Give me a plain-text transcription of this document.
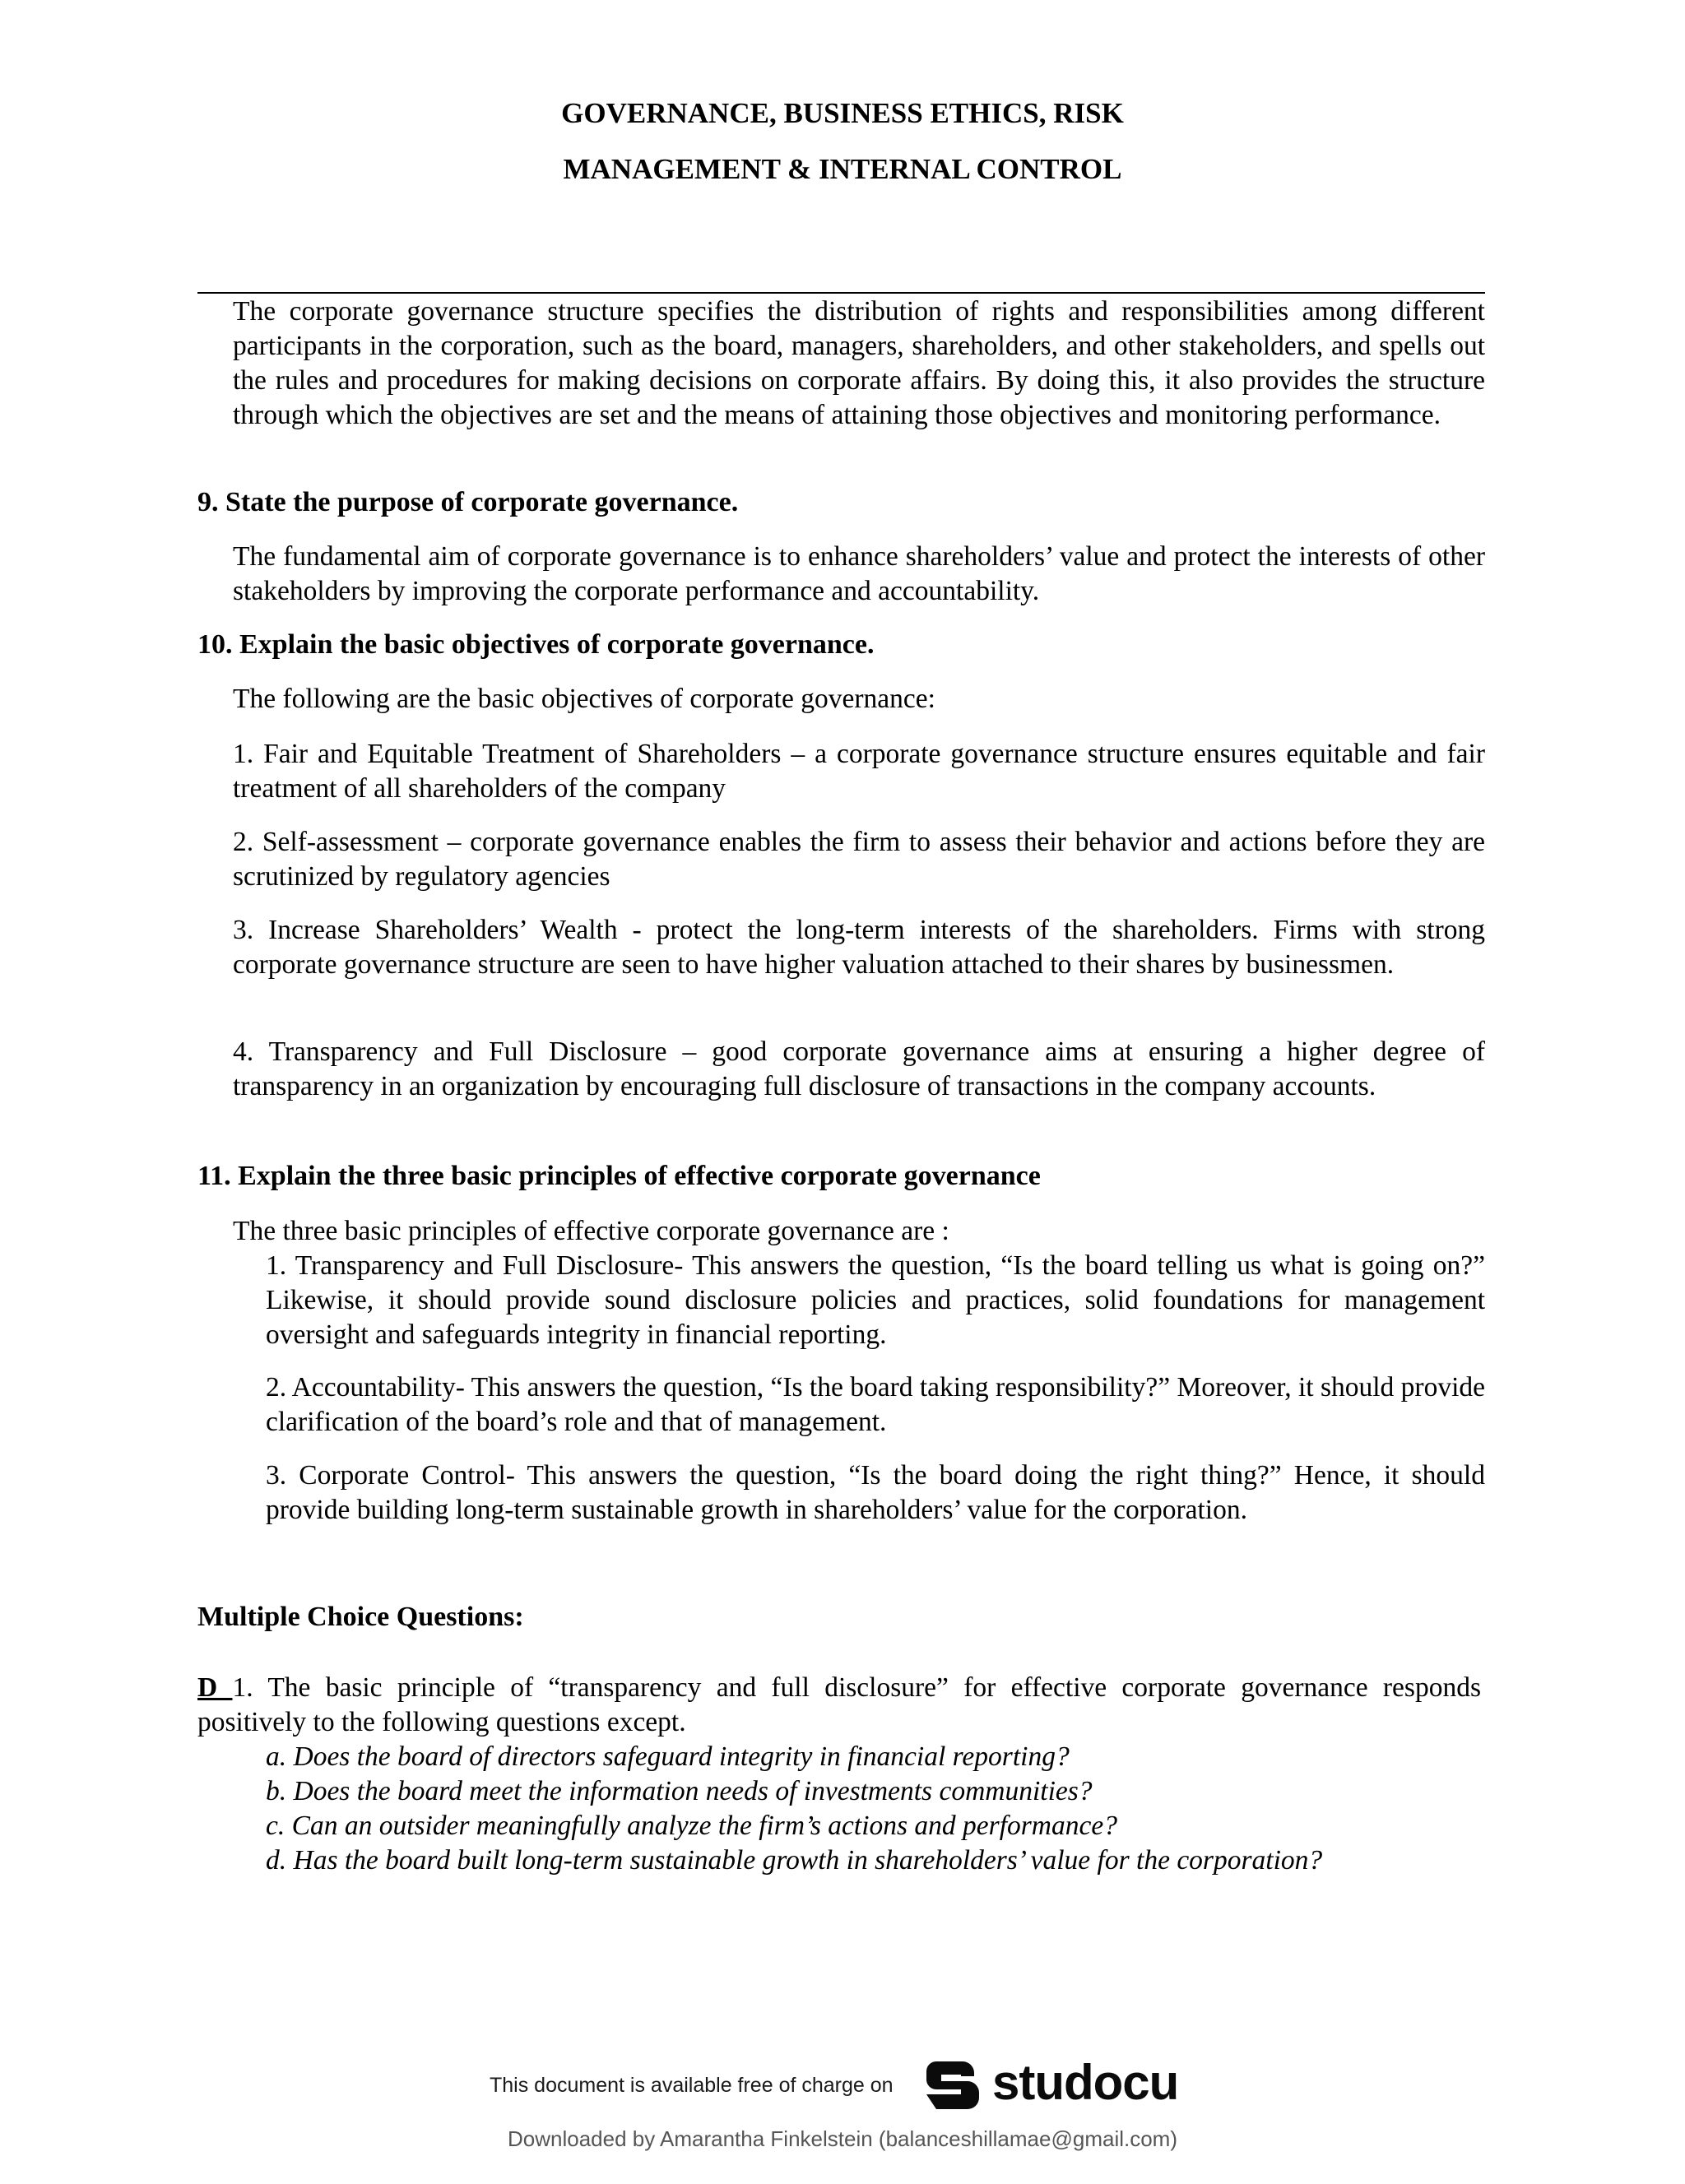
GOVERNANCE, BUSINESS ETHICS, RISK
MANAGEMENT & INTERNAL CONTROL

The corporate governance structure specifies the distribution of rights and responsibilities among different participants in the corporation, such as the board, managers, shareholders, and other stakeholders, and spells out the rules and procedures for making decisions on corporate affairs. By doing this, it also provides the structure through which the objectives are set and the means of attaining those objectives and monitoring performance.

9. State the purpose of corporate governance.

The fundamental aim of corporate governance is to enhance shareholders’ value and protect the interests of other stakeholders by improving the corporate performance and accountability.

10. Explain the basic objectives of corporate governance.

The following are the basic objectives of corporate governance:

1. Fair and Equitable Treatment of Shareholders – a corporate governance structure ensures equitable and fair treatment of all shareholders of the company

2. Self-assessment – corporate governance enables the firm to assess their behavior and actions before they are scrutinized by regulatory agencies

3. Increase Shareholders’ Wealth - protect the long-term interests of the shareholders. Firms with strong corporate governance structure are seen to have higher valuation attached to their shares by businessmen.

4. Transparency and Full Disclosure – good corporate governance aims at ensuring a higher degree of transparency in an organization by encouraging full disclosure of transactions in the company accounts.

11. Explain the three basic principles of effective corporate governance

The three basic principles of effective corporate governance are :

1. Transparency and Full Disclosure- This answers the question, “Is the board telling us what is going on?” Likewise, it should provide sound disclosure policies and practices, solid foundations for management oversight and safeguards integrity in financial reporting.

2. Accountability- This answers the question, “Is the board taking responsibility?” Moreover, it should provide clarification of the board’s role and that of management.

3. Corporate Control- This answers the question, “Is the board doing the right thing?” Hence, it should provide building long-term sustainable growth in shareholders’ value for the corporation.

Multiple Choice Questions:

D 1. The basic principle of “transparency and full disclosure” for effective corporate governance responds positively to the following questions except.

a. Does the board of directors safeguard integrity in financial reporting?

b. Does the board meet the information needs of investments communities?

c. Can an outsider meaningfully analyze the firm’s actions and performance?

d. Has the board built long-term sustainable growth in shareholders’ value for the corporation?

This document is available free of charge on studocu
Downloaded by Amarantha Finkelstein (balanceshillamae@gmail.com)
